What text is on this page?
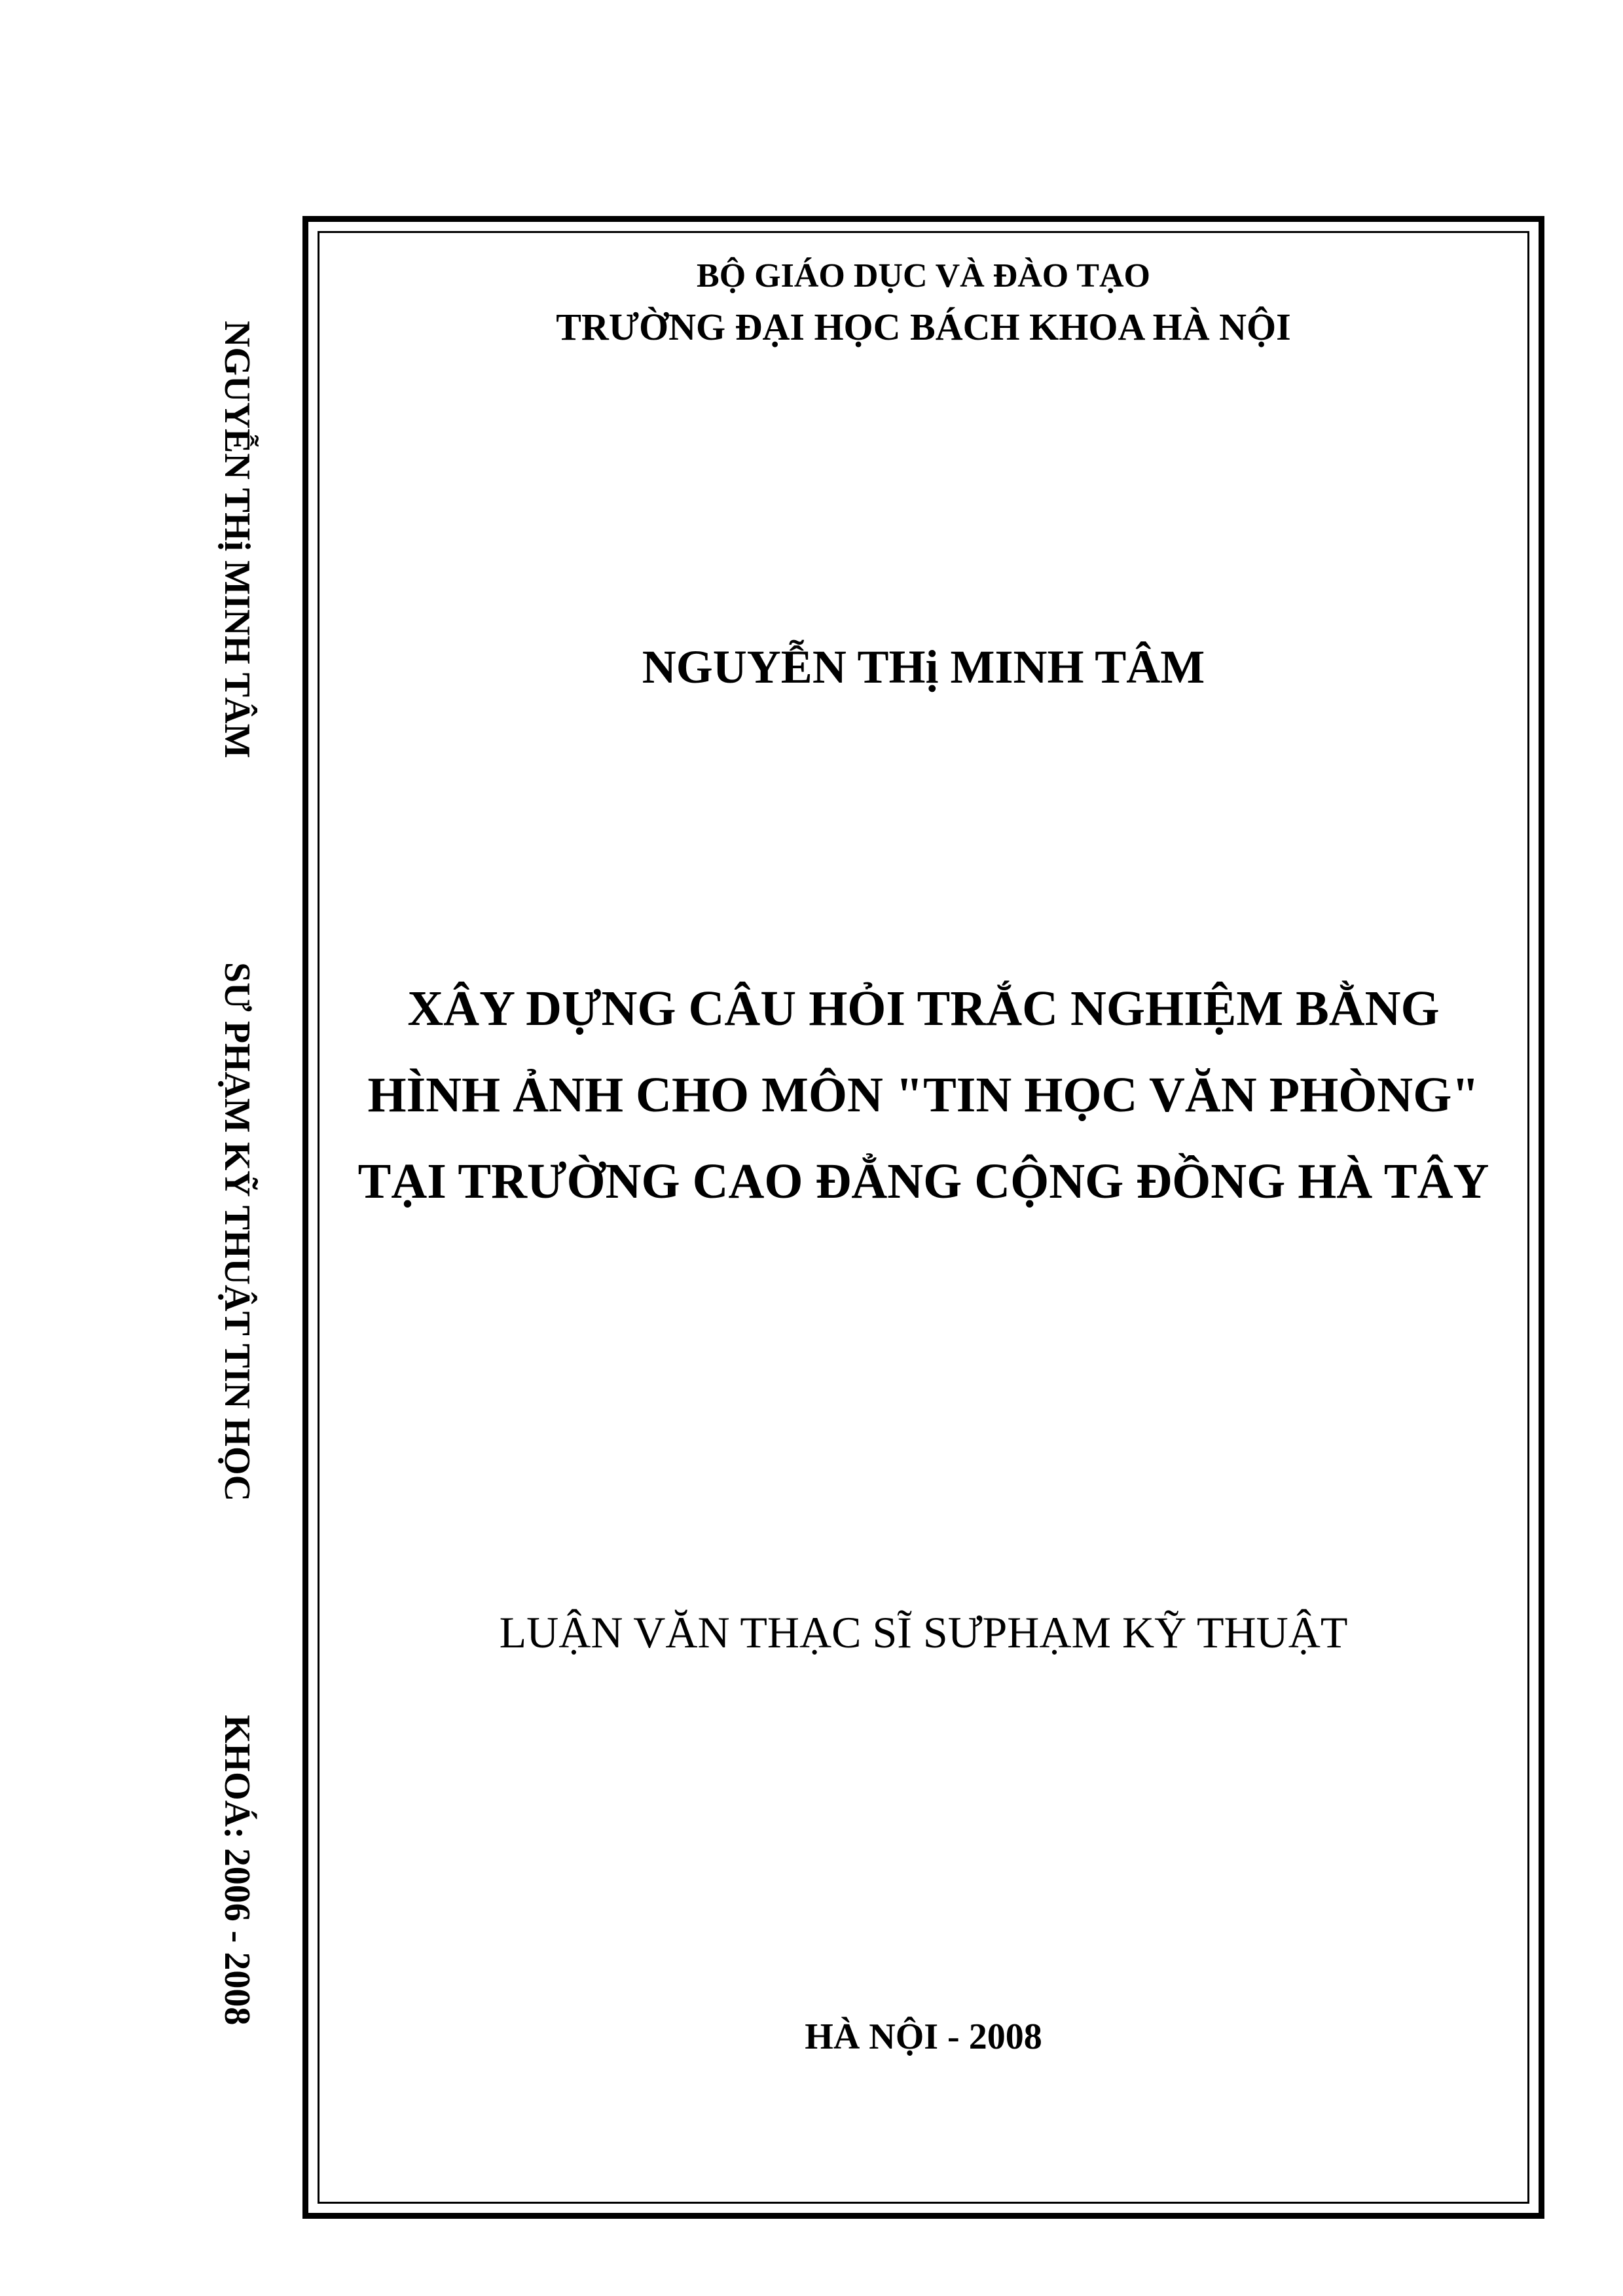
NGUYỄN THị MINH TÂM
SƯ PHẠM KỸ THUẬT TIN HỌC
KHOÁ: 2006 - 2008
BỘ GIÁO DỤC VÀ ĐÀO TẠO
TRƯỜNG ĐẠI HỌC BÁCH KHOA HÀ NỘI
NGUYỄN THị MINH TÂM
XÂY DỰNG CÂU HỎI TRẮC NGHIỆM BẰNG
HÌNH ẢNH CHO MÔN "TIN HỌC VĂN PHÒNG"
TẠI TRƯỜNG CAO ĐẲNG CỘNG ĐỒNG HÀ TÂY
LUẬN VĂN THẠC SĨ SƯPHẠM KỸ THUẬT
HÀ NỘI - 2008
